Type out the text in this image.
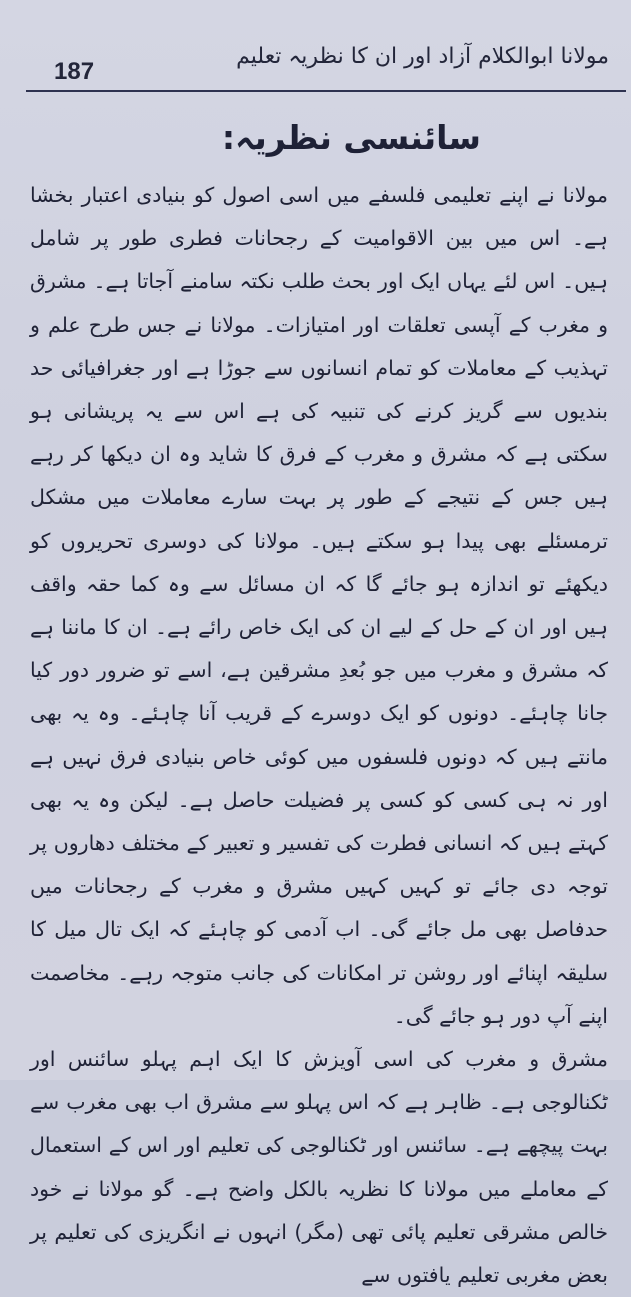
187
مولانا ابوالکلام آزاد اور ان کا نظریہ تعلیم
سائنسی نظریہ:

مولانا نے اپنے تعلیمی فلسفے میں اسی اصول کو بنیادی اعتبار بخشا ہے۔ اس میں بین الاقوامیت کے رجحانات فطری طور پر شامل ہیں۔ اس لئے یہاں ایک اور بحث طلب نکتہ سامنے آجاتا ہے۔ مشرق و مغرب کے آپسی تعلقات اور امتیازات۔ مولانا نے جس طرح علم و تہذیب کے معاملات کو تمام انسانوں سے جوڑا ہے اور جغرافیائی حد بندیوں سے گریز کرنے کی تنبیہ کی ہے اس سے یہ پریشانی ہو سکتی ہے کہ مشرق و مغرب کے فرق کا شاید وہ ان دیکھا کر رہے ہیں جس کے نتیجے کے طور پر بہت سارے معاملات میں مشکل ترمسئلے بھی پیدا ہو سکتے ہیں۔ مولانا کی دوسری تحریروں کو دیکھئے تو اندازہ ہو جائے گا کہ ان مسائل سے وہ کما حقہ واقف ہیں اور ان کے حل کے لیے ان کی ایک خاص رائے ہے۔ ان کا ماننا ہے کہ مشرق و مغرب میں جو بُعدِ مشرقین ہے، اسے تو ضرور دور کیا جانا چاہئے۔ دونوں کو ایک دوسرے کے قریب آنا چاہئے۔ وہ یہ بھی مانتے ہیں کہ دونوں فلسفوں میں کوئی خاص بنیادی فرق نہیں ہے اور نہ ہی کسی کو کسی پر فضیلت حاصل ہے۔ لیکن وہ یہ بھی کہتے ہیں کہ انسانی فطرت کی تفسیر و تعبیر کے مختلف دھاروں پر توجہ دی جائے تو کہیں کہیں مشرق و مغرب کے رجحانات میں حدفاصل بھی مل جائے گی۔ اب آدمی کو چاہئے کہ ایک تال میل کا سلیقہ اپنائے اور روشن تر امکانات کی جانب متوجہ رہے۔ مخاصمت اپنے آپ دور ہو جائے گی۔

مشرق و مغرب کی اسی آویزش کا ایک اہم پہلو سائنس اور ٹکنالوجی ہے۔ ظاہر ہے کہ اس پہلو سے مشرق اب بھی مغرب سے بہت پیچھے ہے۔ سائنس اور ٹکنالوجی کی تعلیم اور اس کے استعمال کے معاملے میں مولانا کا نظریہ بالکل واضح ہے۔ گو مولانا نے خود خالص مشرقی تعلیم پائی تھی (مگر) انہوں نے انگریزی کی تعلیم پر بعض مغربی تعلیم یافتوں سے
